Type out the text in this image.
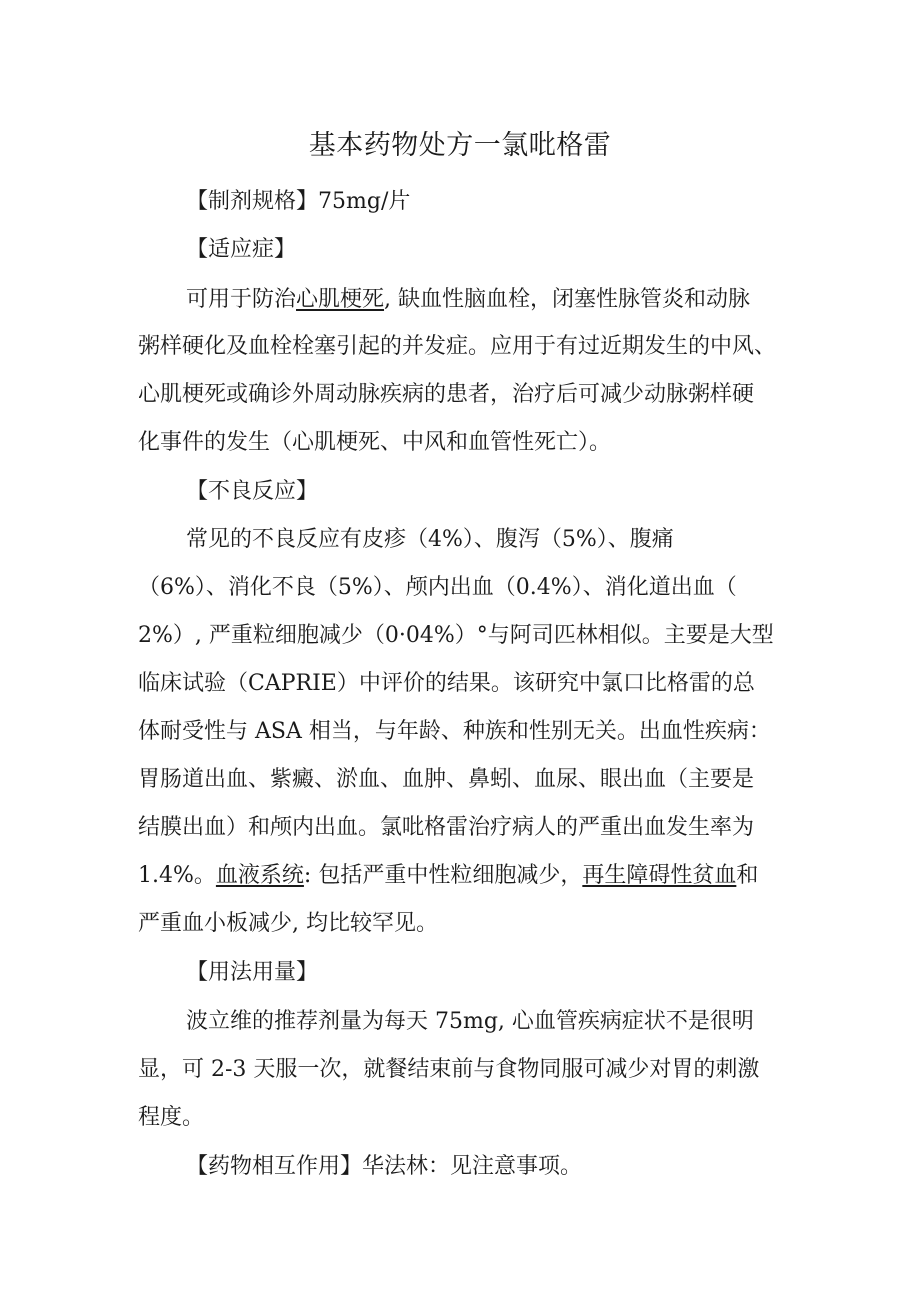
基本药物处方一氯吡格雷
【制剂规格】75mg/片
【适应症】
可用于防治心肌梗死, 缺血性脑血栓，闭塞性脉管炎和动脉
粥样硬化及血栓栓塞引起的并发症。应用于有过近期发生的中风、
心肌梗死或确诊外周动脉疾病的患者，治疗后可减少动脉粥样硬
化事件的发生（心肌梗死、中风和血管性死亡）。
【不良反应】
常见的不良反应有皮疹（4%）、腹泻（5%）、腹痛
（6%）、消化不良（5%）、颅内出血（0.4%）、消化道出血（
2%）, 严重粒细胞减少（0·04%）°与阿司匹林相似。主要是大型
临床试验（CAPRIE）中评价的结果。该研究中氯口比格雷的总
体耐受性与 ASA 相当，与年龄、种族和性别无关。出血性疾病：
胃肠道出血、紫癜、淤血、血肿、鼻蚓、血尿、眼出血（主要是
结膜出血）和颅内出血。氯吡格雷治疗病人的严重出血发生率为
1.4%。血液系统: 包括严重中性粒细胞减少，再生障碍性贫血和
严重血小板减少, 均比较罕见。
【用法用量】
波立维的推荐剂量为每天 75mg, 心血管疾病症状不是很明
显，可 2-3 天服一次，就餐结束前与食物同服可减少对胃的刺激
程度。
【药物相互作用】华法林：见注意事项。
